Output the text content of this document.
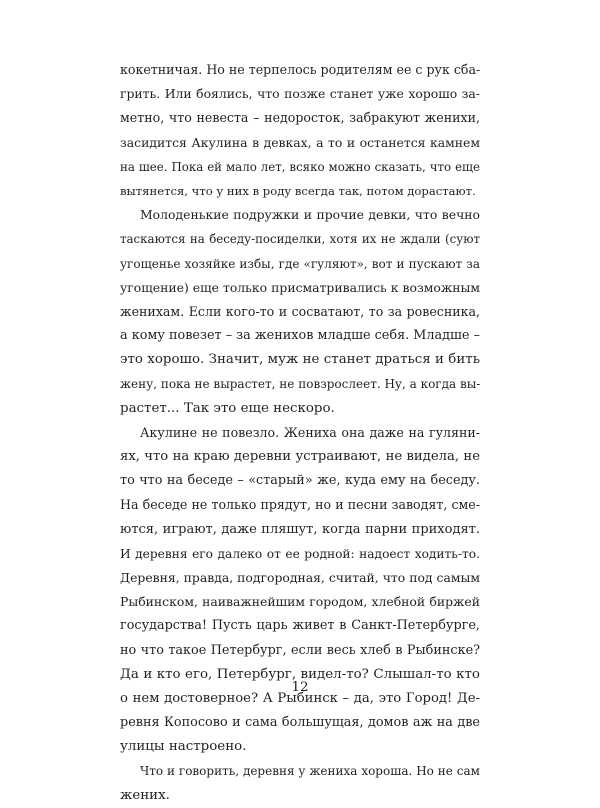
кокетничая. Но не терпелось родителям ее с рук сбa-
грить. Или боялись, что позже станет уже хорошо за-
метно, что невеста – недоросток, забракуют женихи,
засидится Акулина в девках, а то и останется камнем
на шее. Пока ей мало лет, всяко можно сказать, что еще
вытянется, что у них в роду всегда так, потом дорастают.
Молоденькие подружки и прочие девки, что вечно
таскаются на беседу-посиделки, хотя их не ждали (суют
угощенье хозяйке избы, где «гуляют», вот и пускают за
угощение) еще только присматривались к возможным
женихам. Если кого-то и сосватают, то за ровесника,
а кому повезет – за женихов младше себя. Младше –
это хорошо. Значит, муж не станет драться и бить
жену, пока не вырастет, не повзрослеет. Ну, а когда вы-
растет... Так это еще нескоро.
Акулине не повезло. Жениха она даже на гуляни-
ях, что на краю деревни устраивают, не видела, не
то что на беседе – «старый» же, куда ему на беседу.
На беседе не только прядут, но и песни заводят, сме-
ются, играют, даже пляшут, когда парни приходят.
И деревня его далеко от ее родной: надоест ходить-то.
Деревня, правда, подгородная, считай, что под самым
Рыбинском, наиважнейшим городом, хлебной биржей
государства! Пусть царь живет в Санкт-Петербурге,
но что такое Петербург, если весь хлеб в Рыбинске?
Да и кто его, Петербург, видел-то? Слышал-то кто
о нем достоверное? А Рыбинск – да, это Город! Де-
ревня Копосово и сама большущая, домов аж на две
улицы настроено.
Что и говорить, деревня у жениха хороша. Но не сам
жених.
12
